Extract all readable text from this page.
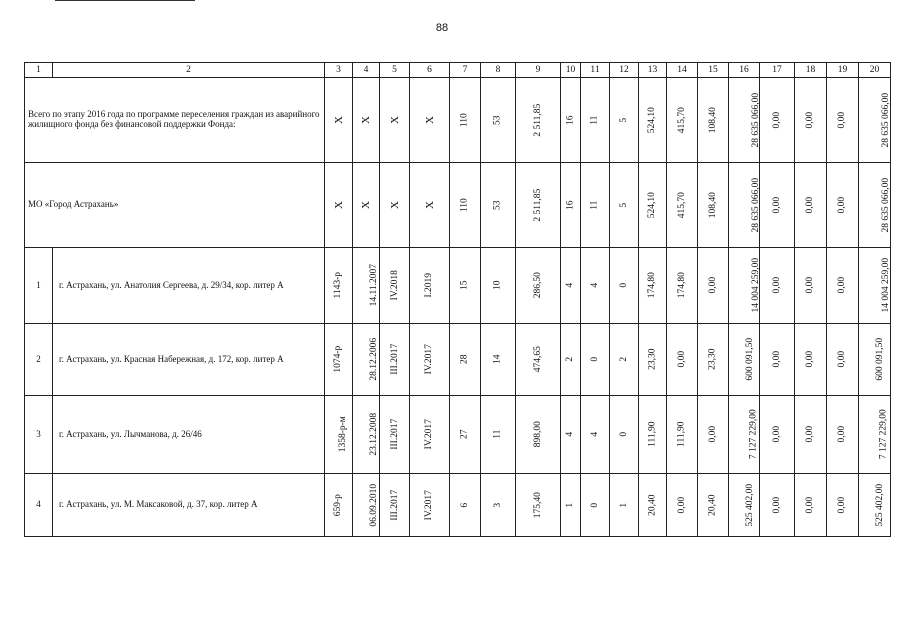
88
1	2	3	4	5	6	7	8	9	10	11	12	13	14	15	16	17	18	19	20
Всего по этапу 2016 года по программе переселения граждан из аварийного жилищного фонда без финансовой поддержки Фонда:		X	X	X	X	110	53	2 511,85	16	11	5	524,10	415,70	108,40	28 635 066,00	0,00	0,00	0,00	28 635 066,00
МО «Город Астрахань»		X	X	X	X	110	53	2 511,85	16	11	5	524,10	415,70	108,40	28 635 066,00	0,00	0,00	0,00	28 635 066,00
1	г. Астрахань, ул. Анатолия Сергеева, д. 29/34, кор. литер А	1143-р	14.11.2007	IV.2018	I.2019	15	10	286,50	4	4	0	174,80	174,80	0,00	14 004 259,00	0,00	0,00	0,00	14 004 259,00
2	г. Астрахань, ул. Красная Набережная, д. 172, кор. литер А	1074-р	28.12.2006	III.2017	IV.2017	28	14	474,65	2	0	2	23,30	0,00	23,30	600 091,50	0,00	0,00	0,00	600 091,50
3	г. Астрахань, ул. Лычманова, д. 26/46	1358-р-м	23.12.2008	III.2017	IV.2017	27	11	898,00	4	4	0	111,90	111,90	0,00	7 127 229,00	0,00	0,00	0,00	7 127 229,00
4	г. Астрахань, ул. М. Максаковой, д. 37, кор. литер А	659-р	06.09.2010	III.2017	IV.2017	6	3	175,40	1	0	1	20,40	0,00	20,40	525 402,00	0,00	0,00	0,00	525 402,00
